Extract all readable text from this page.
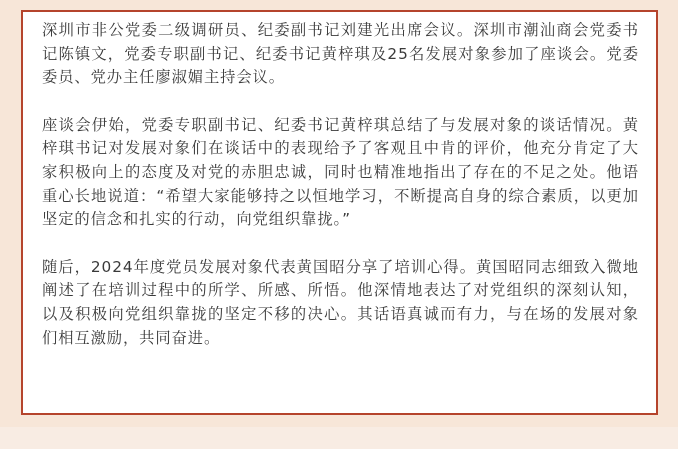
深圳市非公党委二级调研员、纪委副书记刘建光出席会议。深圳市潮汕商会党委书记陈镇文，党委专职副书记、纪委书记黄梓琪及25名发展对象参加了座谈会。党委委员、党办主任廖淑媚主持会议。

座谈会伊始，党委专职副书记、纪委书记黄梓琪总结了与发展对象的谈话情况。黄梓琪书记对发展对象们在谈话中的表现给予了客观且中肯的评价，他充分肯定了大家积极向上的态度及对党的赤胆忠诚，同时也精准地指出了存在的不足之处。他语重心长地说道：“希望大家能够持之以恒地学习，不断提高自身的综合素质，以更加坚定的信念和扎实的行动，向党组织靠拢。”

随后，2024年度党员发展对象代表黄国昭分享了培训心得。黄国昭同志细致入微地阐述了在培训过程中的所学、所感、所悟。他深情地表达了对党组织的深刻认知，以及积极向党组织靠拢的坚定不移的决心。其话语真诚而有力，与在场的发展对象们相互激励，共同奋进。
